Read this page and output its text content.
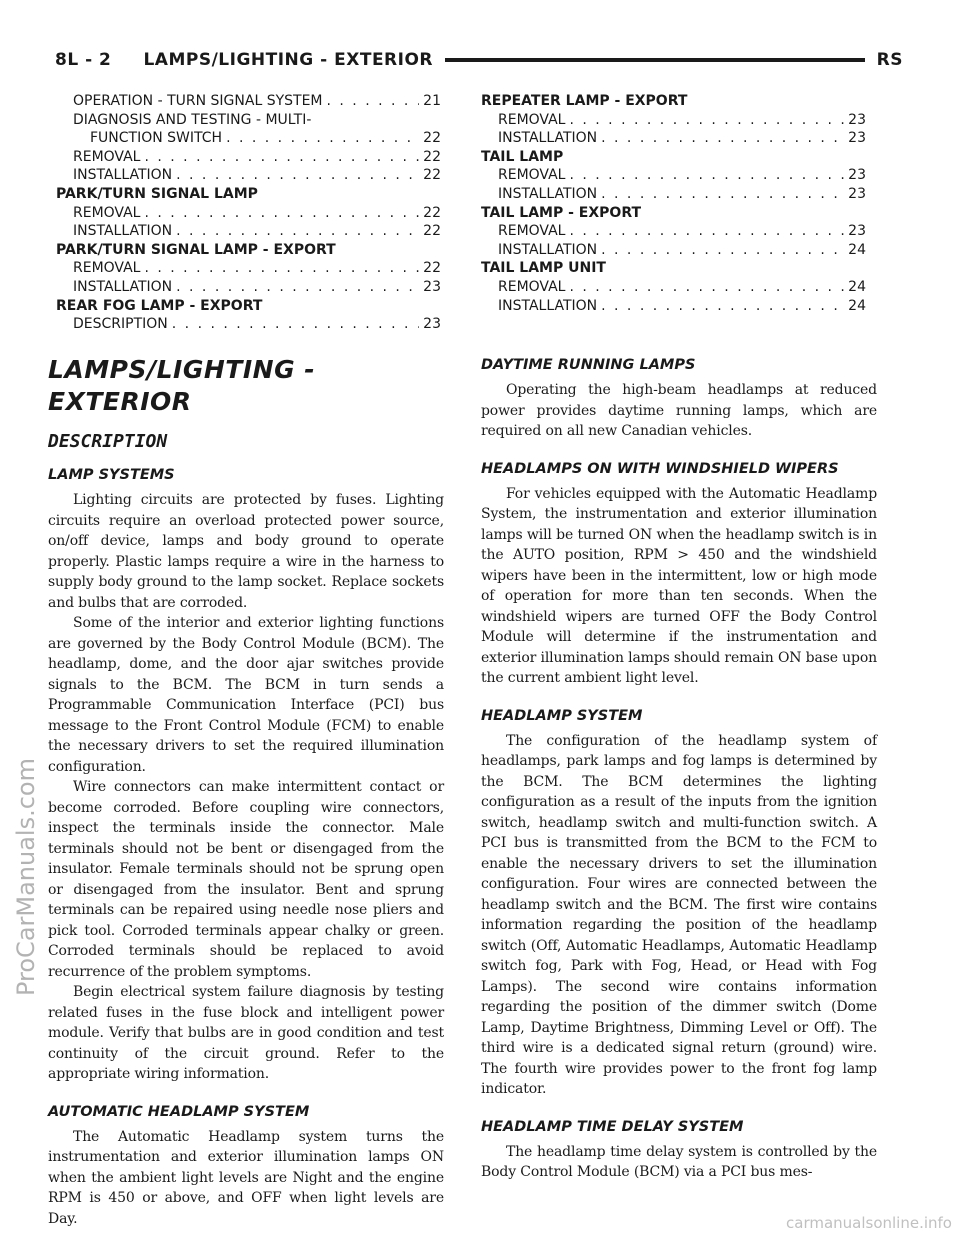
8L - 2     LAMPS/LIGHTING - EXTERIOR	RS
ProCarManuals.com
carmanualsonline.info
OPERATION - TURN SIGNAL SYSTEM . . .	21
DIAGNOSIS AND TESTING - MULTI-
FUNCTION SWITCH . . .	22
REMOVAL . . .	22
INSTALLATION . . .	22
PARK/TURN SIGNAL LAMP
REMOVAL . . .	22
INSTALLATION . . .	22
PARK/TURN SIGNAL LAMP - EXPORT
REMOVAL . . .	22
INSTALLATION . . .	23
REAR FOG LAMP - EXPORT
DESCRIPTION . . .	23
REPEATER LAMP - EXPORT
REMOVAL . . .	23
INSTALLATION . . .	23
TAIL LAMP
REMOVAL . . .	23
INSTALLATION . . .	23
TAIL LAMP - EXPORT
REMOVAL . . .	23
INSTALLATION . . .	24
TAIL LAMP UNIT
REMOVAL . . .	24
INSTALLATION . . .	24
LAMPS/LIGHTING - EXTERIOR
DESCRIPTION
LAMP SYSTEMS

Lighting circuits are protected by fuses. Lighting circuits require an overload protected power source, on/off device, lamps and body ground to operate properly. Plastic lamps require a wire in the harness to supply body ground to the lamp socket. Replace sockets and bulbs that are corroded.

Some of the interior and exterior lighting functions are governed by the Body Control Module (BCM). The headlamp, dome, and the door ajar switches provide signals to the BCM. The BCM in turn sends a Programmable Communication Interface (PCI) bus message to the Front Control Module (FCM) to enable the necessary drivers to set the required illumination configuration.

Wire connectors can make intermittent contact or become corroded. Before coupling wire connectors, inspect the terminals inside the connector. Male terminals should not be bent or disengaged from the insulator. Female terminals should not be sprung open or disengaged from the insulator. Bent and sprung terminals can be repaired using needle nose pliers and pick tool. Corroded terminals appear chalky or green. Corroded terminals should be replaced to avoid recurrence of the problem symptoms.

Begin electrical system failure diagnosis by testing related fuses in the fuse block and intelligent power module. Verify that bulbs are in good condition and test continuity of the circuit ground. Refer to the appropriate wiring information.

AUTOMATIC HEADLAMP SYSTEM

The Automatic Headlamp system turns the instrumentation and exterior illumination lamps ON when the ambient light levels are Night and the engine RPM is 450 or above, and OFF when light levels are Day.

DAYTIME RUNNING LAMPS

Operating the high-beam headlamps at reduced power provides daytime running lamps, which are required on all new Canadian vehicles.

HEADLAMPS ON WITH WINDSHIELD WIPERS

For vehicles equipped with the Automatic Headlamp System, the instrumentation and exterior illumination lamps will be turned ON when the headlamp switch is in the AUTO position, RPM > 450 and the windshield wipers have been in the intermittent, low or high mode of operation for more than ten seconds. When the windshield wipers are turned OFF the Body Control Module will determine if the instrumentation and exterior illumination lamps should remain ON base upon the current ambient light level.

HEADLAMP SYSTEM

The configuration of the headlamp system of headlamps, park lamps and fog lamps is determined by the BCM. The BCM determines the lighting configuration as a result of the inputs from the ignition switch, headlamp switch and multi-function switch. A PCI bus is transmitted from the BCM to the FCM to enable the necessary drivers to set the illumination configuration. Four wires are connected between the headlamp switch and the BCM. The first wire contains information regarding the position of the headlamp switch (Off, Automatic Headlamps, Automatic Headlamp switch fog, Park with Fog, Head, or Head with Fog Lamps). The second wire contains information regarding the position of the dimmer switch (Dome Lamp, Daytime Brightness, Dimming Level or Off). The third wire is a dedicated signal return (ground) wire. The fourth wire provides power to the front fog lamp indicator.

HEADLAMP TIME DELAY SYSTEM

The headlamp time delay system is controlled by the Body Control Module (BCM) via a PCI bus mes-
